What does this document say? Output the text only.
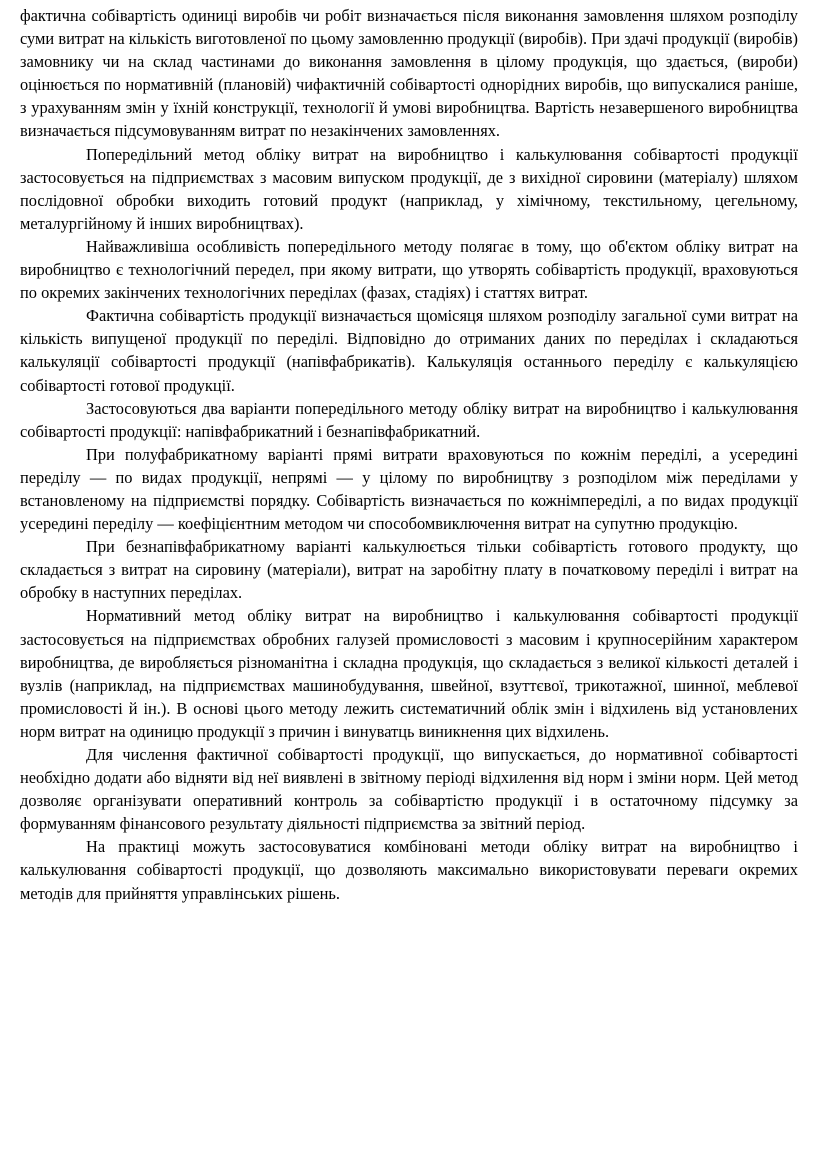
фактична собівартість одиниці виробів чи робіт визначається після виконання замовлення шляхом розподілу суми витрат на кількість виготовленої по цьому замовленню продукції (виробів). При здачі продукції (виробів) замовнику чи на склад частинами до виконання замовлення в цілому продукція, що здається, (вироби) оцінюється по нормативній (плановій) чифактичній собівартості однорідних виробів, що випускалися раніше, з урахуванням змін у їхній конструкції, технології й умові виробництва. Вартість незавершеного виробництва визначається підсумовуванням витрат по незакінчених замовленнях.

Попередільний метод обліку витрат на виробництво і калькулювання собівартості продукції застосовується на підприємствах з масовим випуском продукції, де з вихідної сировини (матеріалу) шляхом послідовної обробки виходить готовий продукт (наприклад, у хімічному, текстильному, цегельному, металургійному й інших виробництвах).

Найважливіша особливість попередільного методу полягає в тому, що об'єктом обліку витрат на виробництво є технологічний передел, при якому витрати, що утворять собівартість продукції, враховуються по окремих закінчених технологічних переділах (фазах, стадіях) і статтях витрат.

Фактична собівартість продукції визначається щомісяця шляхом розподілу загальної суми витрат на кількість випущеної продукції по переділі. Відповідно до отриманих даних по переділах і складаються калькуляції собівартості продукції (напівфабрикатів). Калькуляція останнього переділу є калькуляцією собівартості готової продукції.

Застосовуються два варіанти попередільного методу обліку витрат на виробництво і калькулювання собівартості продукції: напівфабрикатний і безнапівфабрикатний.

При полуфабрикатному варіанті прямі витрати враховуються по кожнім переділі, а усередині переділу — по видах продукції, непрямі — у цілому по виробництву з розподілом між переділами у встановленому на підприємстві порядку. Собівартість визначається по кожнімпереділі, а по видах продукції усередині переділу — коефіцієнтним методом чи способомвиключення витрат на супутню продукцію.

При безнапівфабрикатному варіанті калькулюється тільки собівартість готового продукту, що складається з витрат на сировину (матеріали), витрат на заробітну плату в початковому переділі і витрат на обробку в наступних переділах.

Нормативний метод обліку витрат на виробництво і калькулювання собівартості продукції застосовується на підприємствах обробних галузей промисловості з масовим і крупносерійним характером виробництва, де виробляється різноманітна і складна продукція, що складається з великої кількості деталей і вузлів (наприклад, на підприємствах машинобудування, швейної, взуттєвої, трикотажної, шинної, меблевої промисловості й ін.). В основі цього методу лежить систематичний облік змін і відхилень від установлених норм витрат на одиницю продукції з причин і винуватць виникнення цих відхилень.

Для числення фактичної собівартості продукції, що випускається, до нормативної собівартості необхідно додати або відняти від неї виявлені в звітному періоді відхилення від норм і зміни норм. Цей метод дозволяє організувати оперативний контроль за собівартістю продукції і в остаточному підсумку за формуванням фінансового результату діяльності підприємства за звітний період.

На практиці можуть застосовуватися комбіновані методи обліку витрат на виробництво і калькулювання собівартості продукції, що дозволяють максимально використовувати переваги окремих методів для прийняття управлінських рішень.
